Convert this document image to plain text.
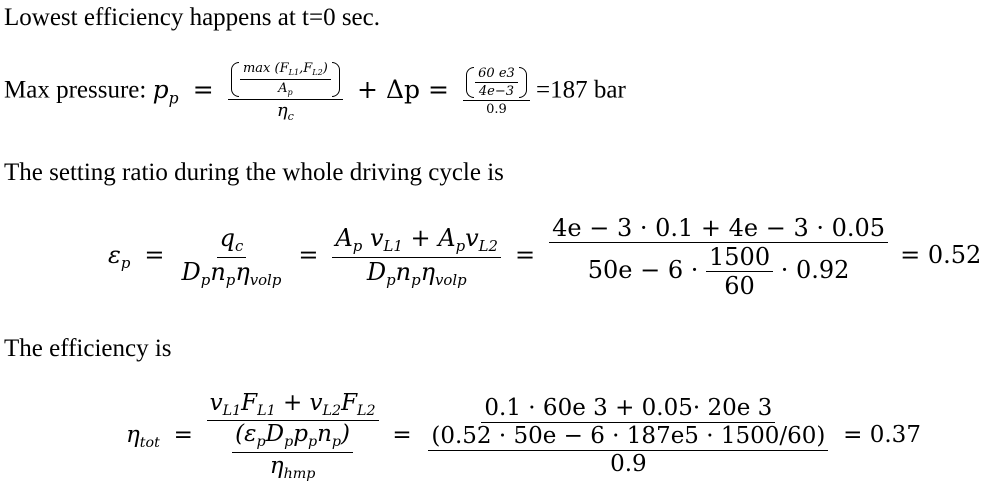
Lowest efficiency happens at t=0 sec.
Max pressure: $p_p = \frac{\frac{\max (F_{L1},F_{L2})}{A_p}}{\eta_c} + \Delta p = \frac{\frac{60 e3}{4e-3}}{0.9} =187$ bar
The setting ratio during the whole driving cycle is
$\varepsilon_p = \frac{q_c}{D_pn_p\eta_{volp}} = \frac{A_p v_{L1} + A_pv_{L2}}{D_pn_p\eta_{volp}} = \frac{4e - 3 \cdot 0.1 + 4e - 3 \cdot 0.05}{50e - 6 \cdot \frac{1500}{60} \cdot 0.92} = 0.52$
The efficiency is
$\eta_{tot} = \frac{v_{L1}F_{L1} + v_{L2}F_{L2}}{\frac{(\varepsilon_pD_pp_pn_p)}{\eta_{hmp}}} = \frac{0.1 \cdot 60e 3 + 0.05\cdot 20e 3}{\frac{(0.52 \cdot 50e - 6 \cdot 187e5 \cdot 1500/60)}{0.9}} = 0.37$
